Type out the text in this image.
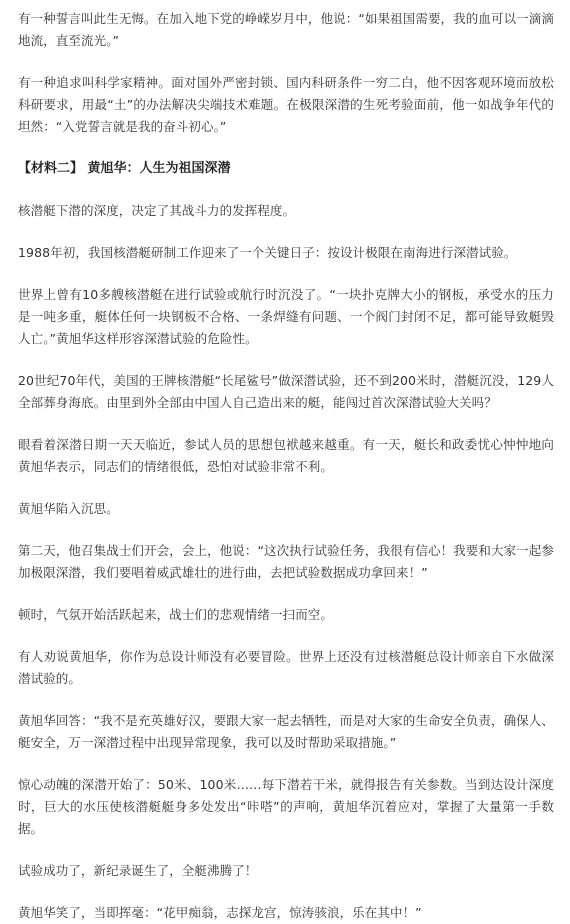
有一种誓言叫此生无悔。在加入地下党的峥嵘岁月中，他说：“如果祖国需要，我的血可以一滴滴地流，直至流光。”

有一种追求叫科学家精神。面对国外严密封锁、国内科研条件一穷二白，他不因客观环境而放松科研要求，用最“土”的办法解决尖端技术难题。在极限深潜的生死考验面前，他一如战争年代的坦然：“入党誓言就是我的奋斗初心。”

【材料二】 黄旭华：人生为祖国深潜

核潜艇下潜的深度，决定了其战斗力的发挥程度。

1988年初，我国核潜艇研制工作迎来了一个关键日子：按设计极限在南海进行深潜试验。

世界上曾有10多艘核潜艇在进行试验或航行时沉没了。“一块扑克牌大小的钢板，承受水的压力是一吨多重，艇体任何一块钢板不合格、一条焊缝有问题、一个阀门封闭不足，都可能导致艇毁人亡。”黄旭华这样形容深潜试验的危险性。

20世纪70年代，美国的王牌核潜艇“长尾鲨号”做深潜试验，还不到200米时，潜艇沉没，129人全部葬身海底。由里到外全部由中国人自己造出来的艇，能闯过首次深潜试验大关吗？

眼看着深潜日期一天天临近，参试人员的思想包袱越来越重。有一天，艇长和政委忧心忡忡地向黄旭华表示，同志们的情绪很低，恐怕对试验非常不利。

黄旭华陷入沉思。

第二天，他召集战士们开会，会上，他说：“这次执行试验任务，我很有信心！我要和大家一起参加极限深潜，我们要唱着威武雄壮的进行曲，去把试验数据成功拿回来！”

顿时，气氛开始活跃起来，战士们的悲观情绪一扫而空。

有人劝说黄旭华，你作为总设计师没有必要冒险。世界上还没有过核潜艇总设计师亲自下水做深潜试验的。

黄旭华回答：“我不是充英雄好汉，要跟大家一起去牺牲，而是对大家的生命安全负责，确保人、艇安全，万一深潜过程中出现异常现象，我可以及时帮助采取措施。”

惊心动魄的深潜开始了：50米、100米……每下潜若干米，就得报告有关参数。当到达设计深度时，巨大的水压使核潜艇艇身多处发出“咔嗒”的声响，黄旭华沉着应对，掌握了大量第一手数据。

试验成功了，新纪录诞生了，全艇沸腾了！

黄旭华笑了，当即挥毫：“花甲痴翁，志探龙宫，惊涛骇浪，乐在其中！”
